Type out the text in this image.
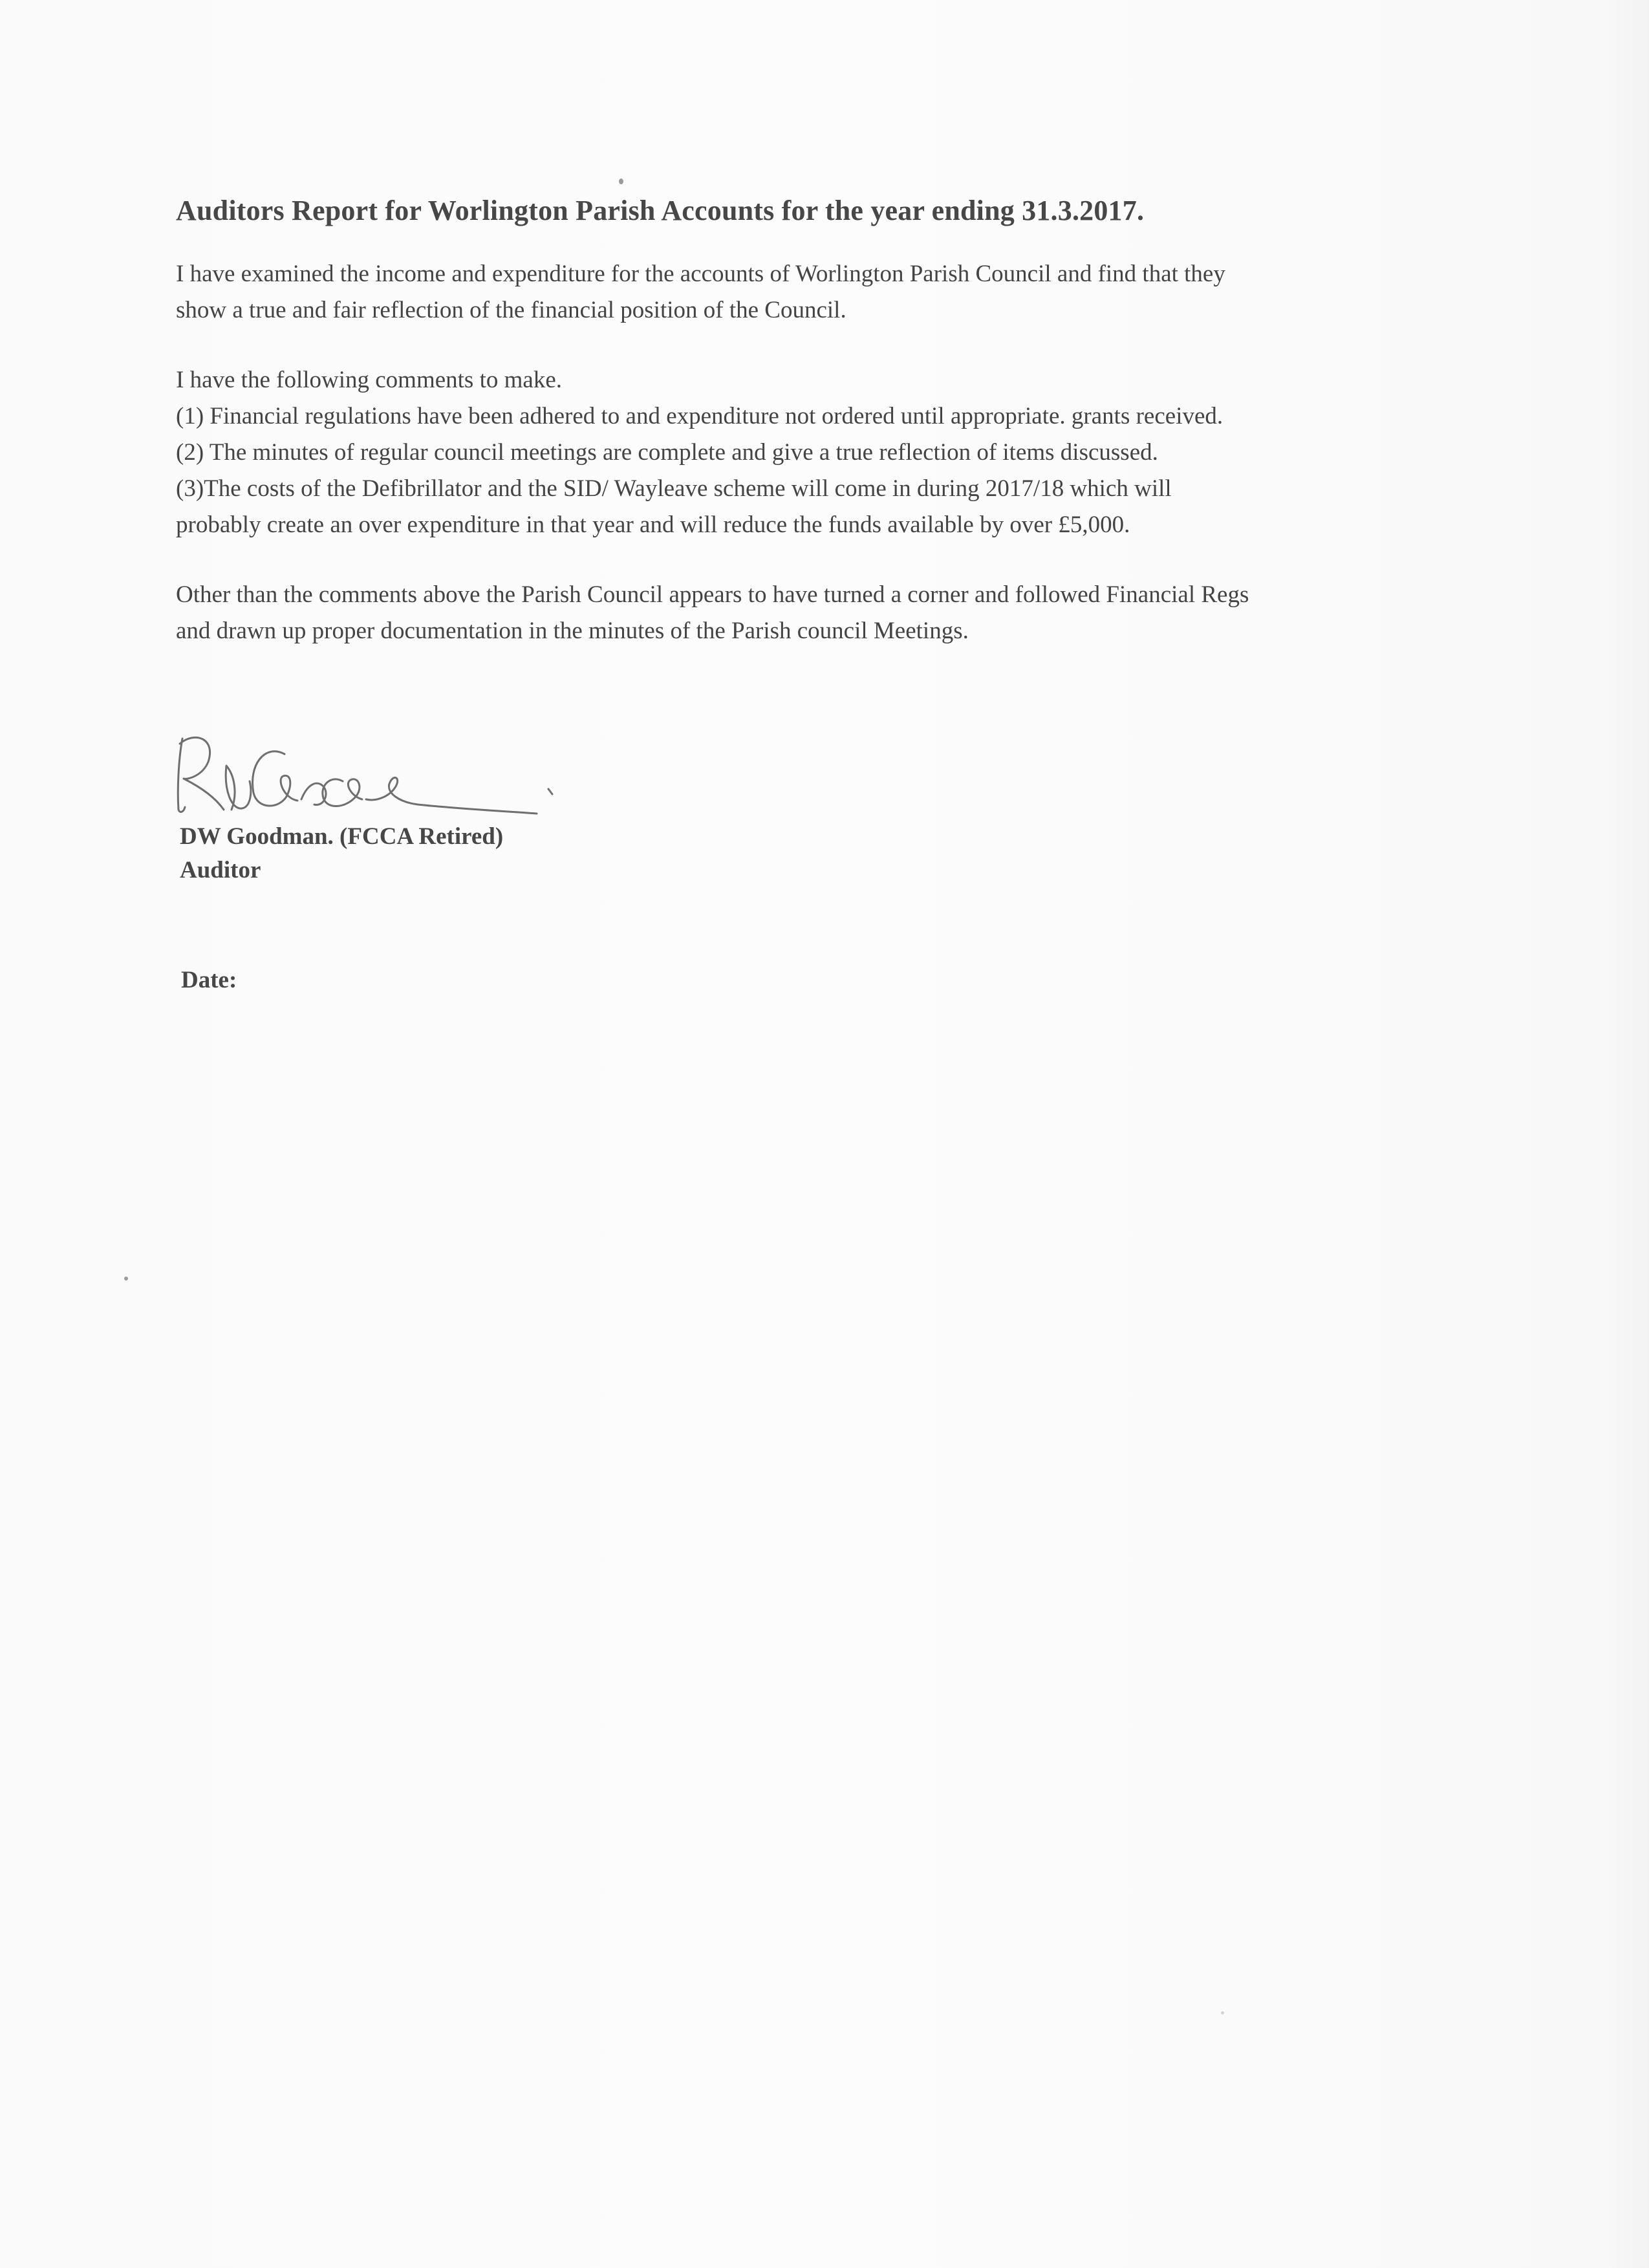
Auditors Report for Worlington Parish Accounts for the year ending 31.3.2017.

I have examined the income and expenditure for the accounts of Worlington Parish Council and find that they
show a true and fair reflection of the financial position of the Council.

I have the following comments to make.
(1) Financial regulations have been adhered to and expenditure not ordered until appropriate. grants received.
(2) The minutes of regular council meetings are complete and give a true reflection of items discussed.
(3)The costs of the Defibrillator and the SID/ Wayleave scheme will come in during 2017/18 which will
probably create an over expenditure in that year and will reduce the funds available by over £5,000.

Other than the comments above the Parish Council appears to have turned a corner and followed Financial Regs
and drawn up proper documentation in the minutes of the Parish council Meetings.

DW Goodman. (FCCA Retired)

Auditor

Date:
